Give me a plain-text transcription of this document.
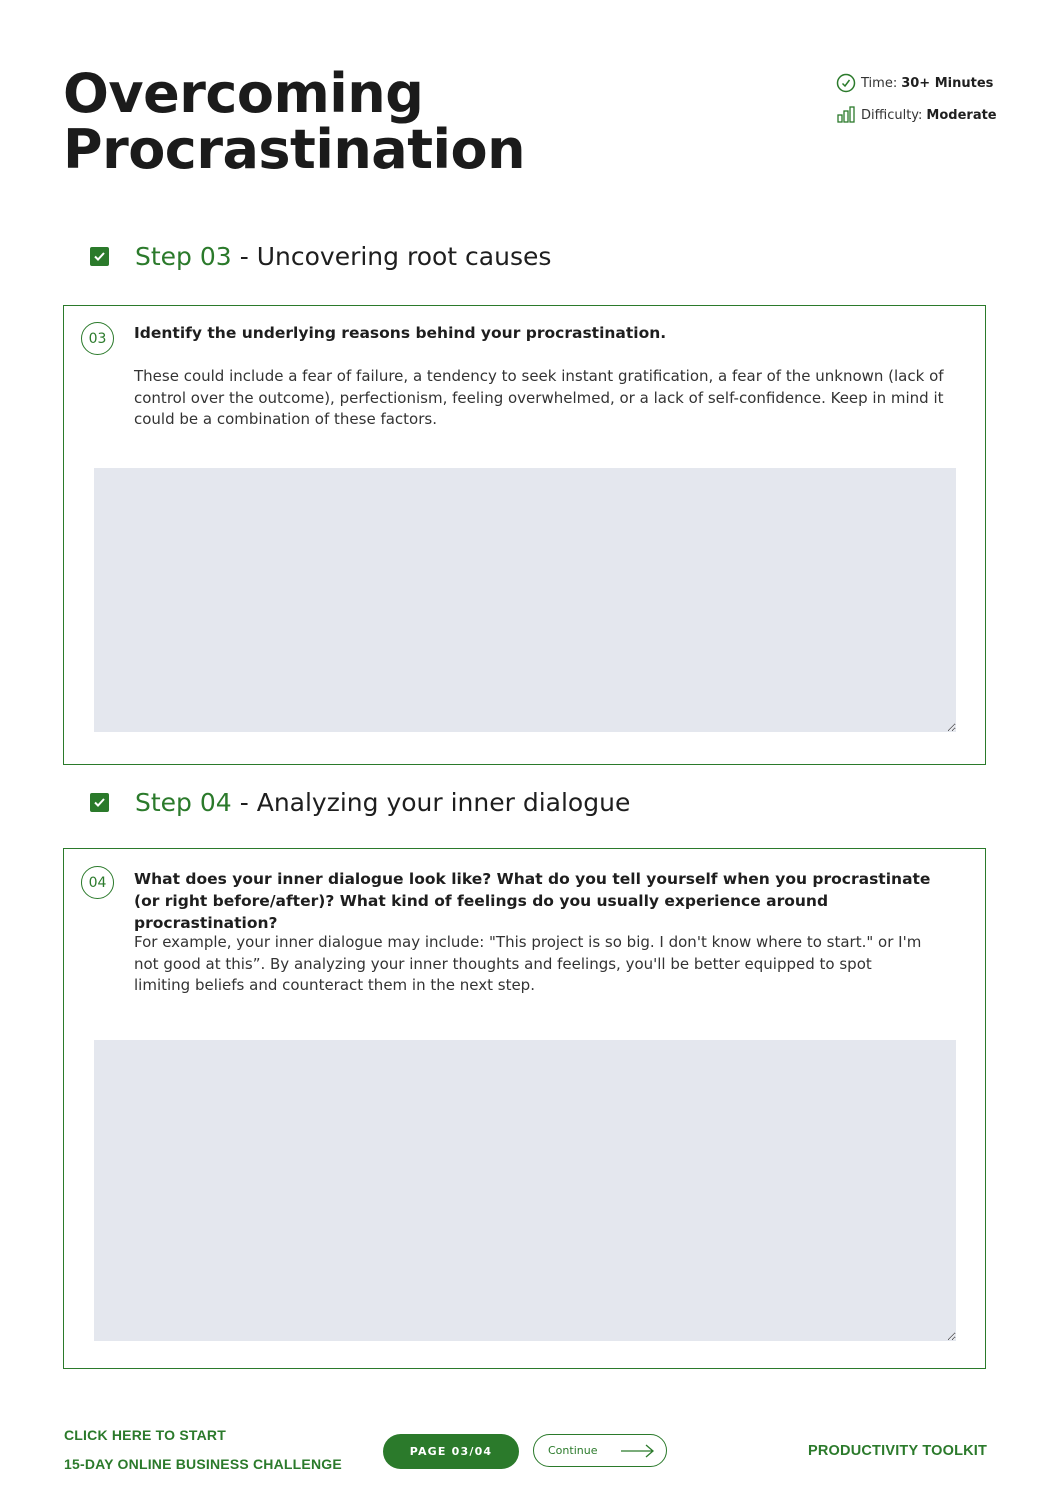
Overcoming
Procrastination
Time: 30+ Minutes
Difficulty: Moderate
Step 03 - Uncovering root causes
03	Identify the underlying reasons behind your procrastination.

These could include a fear of failure, a tendency to seek instant gratification, a fear of the unknown (lack of control over the outcome), perfectionism, feeling overwhelmed, or a lack of self-confidence. Keep in mind it could be a combination of these factors.

Step 04 - Analyzing your inner dialogue
04	What does your inner dialogue look like? What do you tell yourself when you procrastinate (or right before/after)? What kind of feelings do you usually experience around procrastination?

For example, your inner dialogue may include: "This project is so big. I don't know where to start." or I'm not good at this”. By analyzing your inner thoughts and feelings, you'll be better equipped to spot limiting beliefs and counteract them in the next step.

CLICK HERE TO START
15-DAY ONLINE BUSINESS CHALLENGE
PAGE 03/04	Continue	PRODUCTIVITY TOOLKIT
